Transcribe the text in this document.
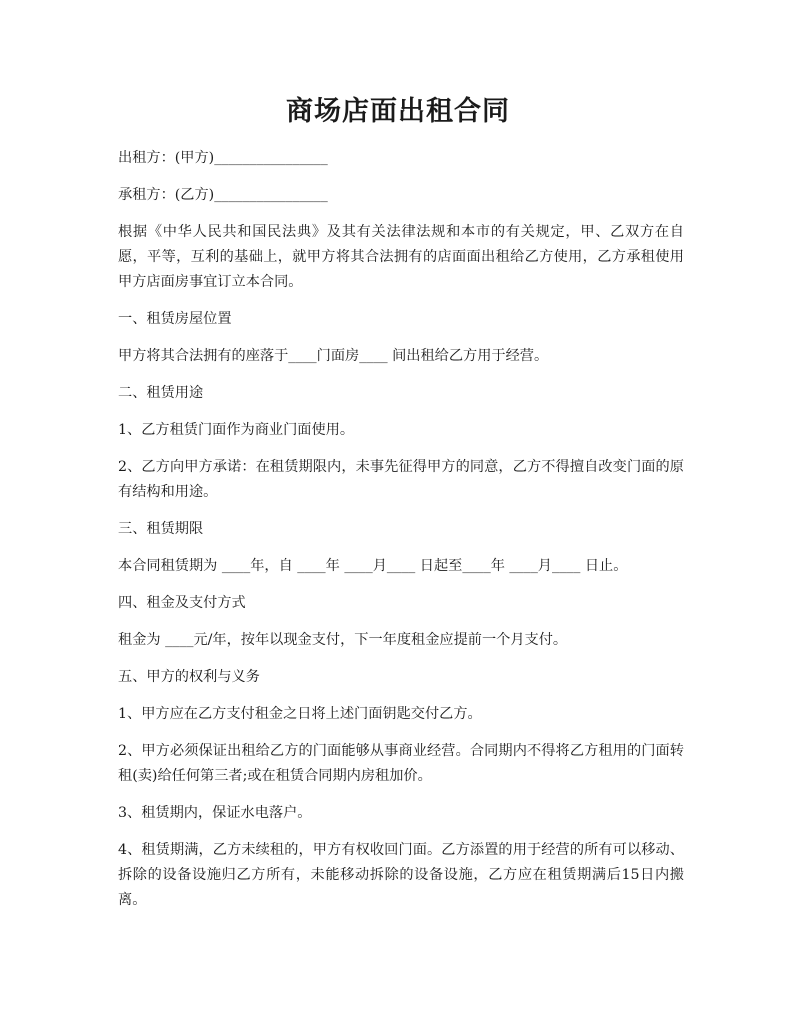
商场店面出租合同

出租方：(甲方)________________

承租方：(乙方)________________

根据《中华人民共和国民法典》及其有关法律法规和本市的有关规定，甲、乙双方在自愿，平等，互利的基础上，就甲方将其合法拥有的店面面出租给乙方使用，乙方承租使用甲方店面房事宜订立本合同。

一、租赁房屋位置

甲方将其合法拥有的座落于____门面房____ 间出租给乙方用于经营。

二、租赁用途

1、乙方租赁门面作为商业门面使用。

2、乙方向甲方承诺：在租赁期限内，未事先征得甲方的同意，乙方不得擅自改变门面的原有结构和用途。

三、租赁期限

本合同租赁期为 ____年，自 ____年 ____月____ 日起至____年 ____月____ 日止。

四、租金及支付方式

租金为 ____元/年，按年以现金支付，下一年度租金应提前一个月支付。

五、甲方的权利与义务

1、甲方应在乙方支付租金之日将上述门面钥匙交付乙方。

2、甲方必须保证出租给乙方的门面能够从事商业经营。合同期内不得将乙方租用的门面转租(卖)给任何第三者;或在租赁合同期内房租加价。

3、租赁期内，保证水电落户。

4、租赁期满，乙方未续租的，甲方有权收回门面。乙方添置的用于经营的所有可以移动、拆除的设备设施归乙方所有，未能移动拆除的设备设施，乙方应在租赁期满后15日内搬离。
